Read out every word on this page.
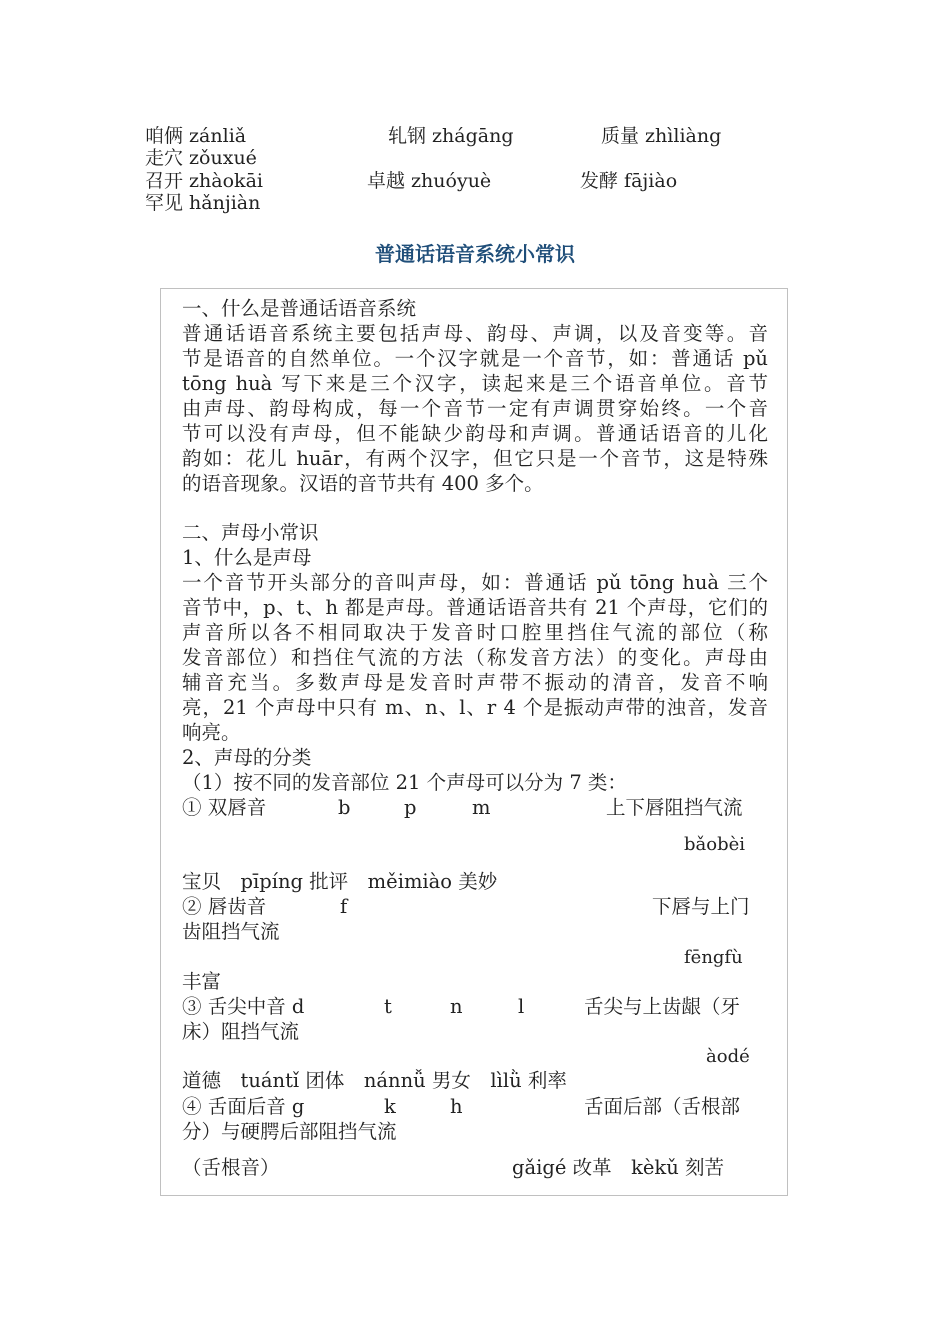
咱俩 zánliǎ	轧钢 zhágāng	质量 zhìliàng
走穴 zǒuxué
召开 zhàokāi	卓越 zhuóyuè	发酵 fājiào
罕见 hǎnjiàn
普通话语音系统小常识
一、什么是普通话语音系统
普通话语音系统主要包括声母、韵母、声调，以及音变等。音
节是语音的自然单位。一个汉字就是一个音节，如：普通话 pǔ
tōng huà 写下来是三个汉字，读起来是三个语音单位。音节
由声母、韵母构成，每一个音节一定有声调贯穿始终。一个音
节可以没有声母，但不能缺少韵母和声调。普通话语音的儿化
韵如：花儿 huār，有两个汉字，但它只是一个音节，这是特殊
的语音现象。汉语的音节共有 400 多个。
二、声母小常识
1、什么是声母
一个音节开头部分的音叫声母，如：普通话 pǔ tōng huà 三个
音节中，p、t、h 都是声母。普通话语音共有 21 个声母，它们的
声音所以各不相同取决于发音时口腔里挡住气流的部位（称
发音部位）和挡住气流的方法（称发音方法）的变化。声母由
辅音充当。多数声母是发音时声带不振动的清音，发音不响
亮，21 个声母中只有 m、n、l、r 4 个是振动声带的浊音，发音
响亮。
2、声母的分类
（1）按不同的发音部位 21 个声母可以分为 7 类：
① 双唇音	b	p	m	上下唇阻挡气流
bǎobèi
宝贝　pīpíng 批评　měimiào 美妙
② 唇齿音	f	下唇与上门
齿阻挡气流
fēngfù
丰富
③ 舌尖中音 d	t	n	l	舌尖与上齿龈（牙
床）阻挡气流
àodé
道德　tuántǐ 团体　nánnǚ 男女　lìlǜ 利率
④ 舌面后音 g	k	h	舌面后部（舌根部
分）与硬腭后部阻挡气流
（舌根音）	gǎigé 改革　kèkǔ 刻苦
